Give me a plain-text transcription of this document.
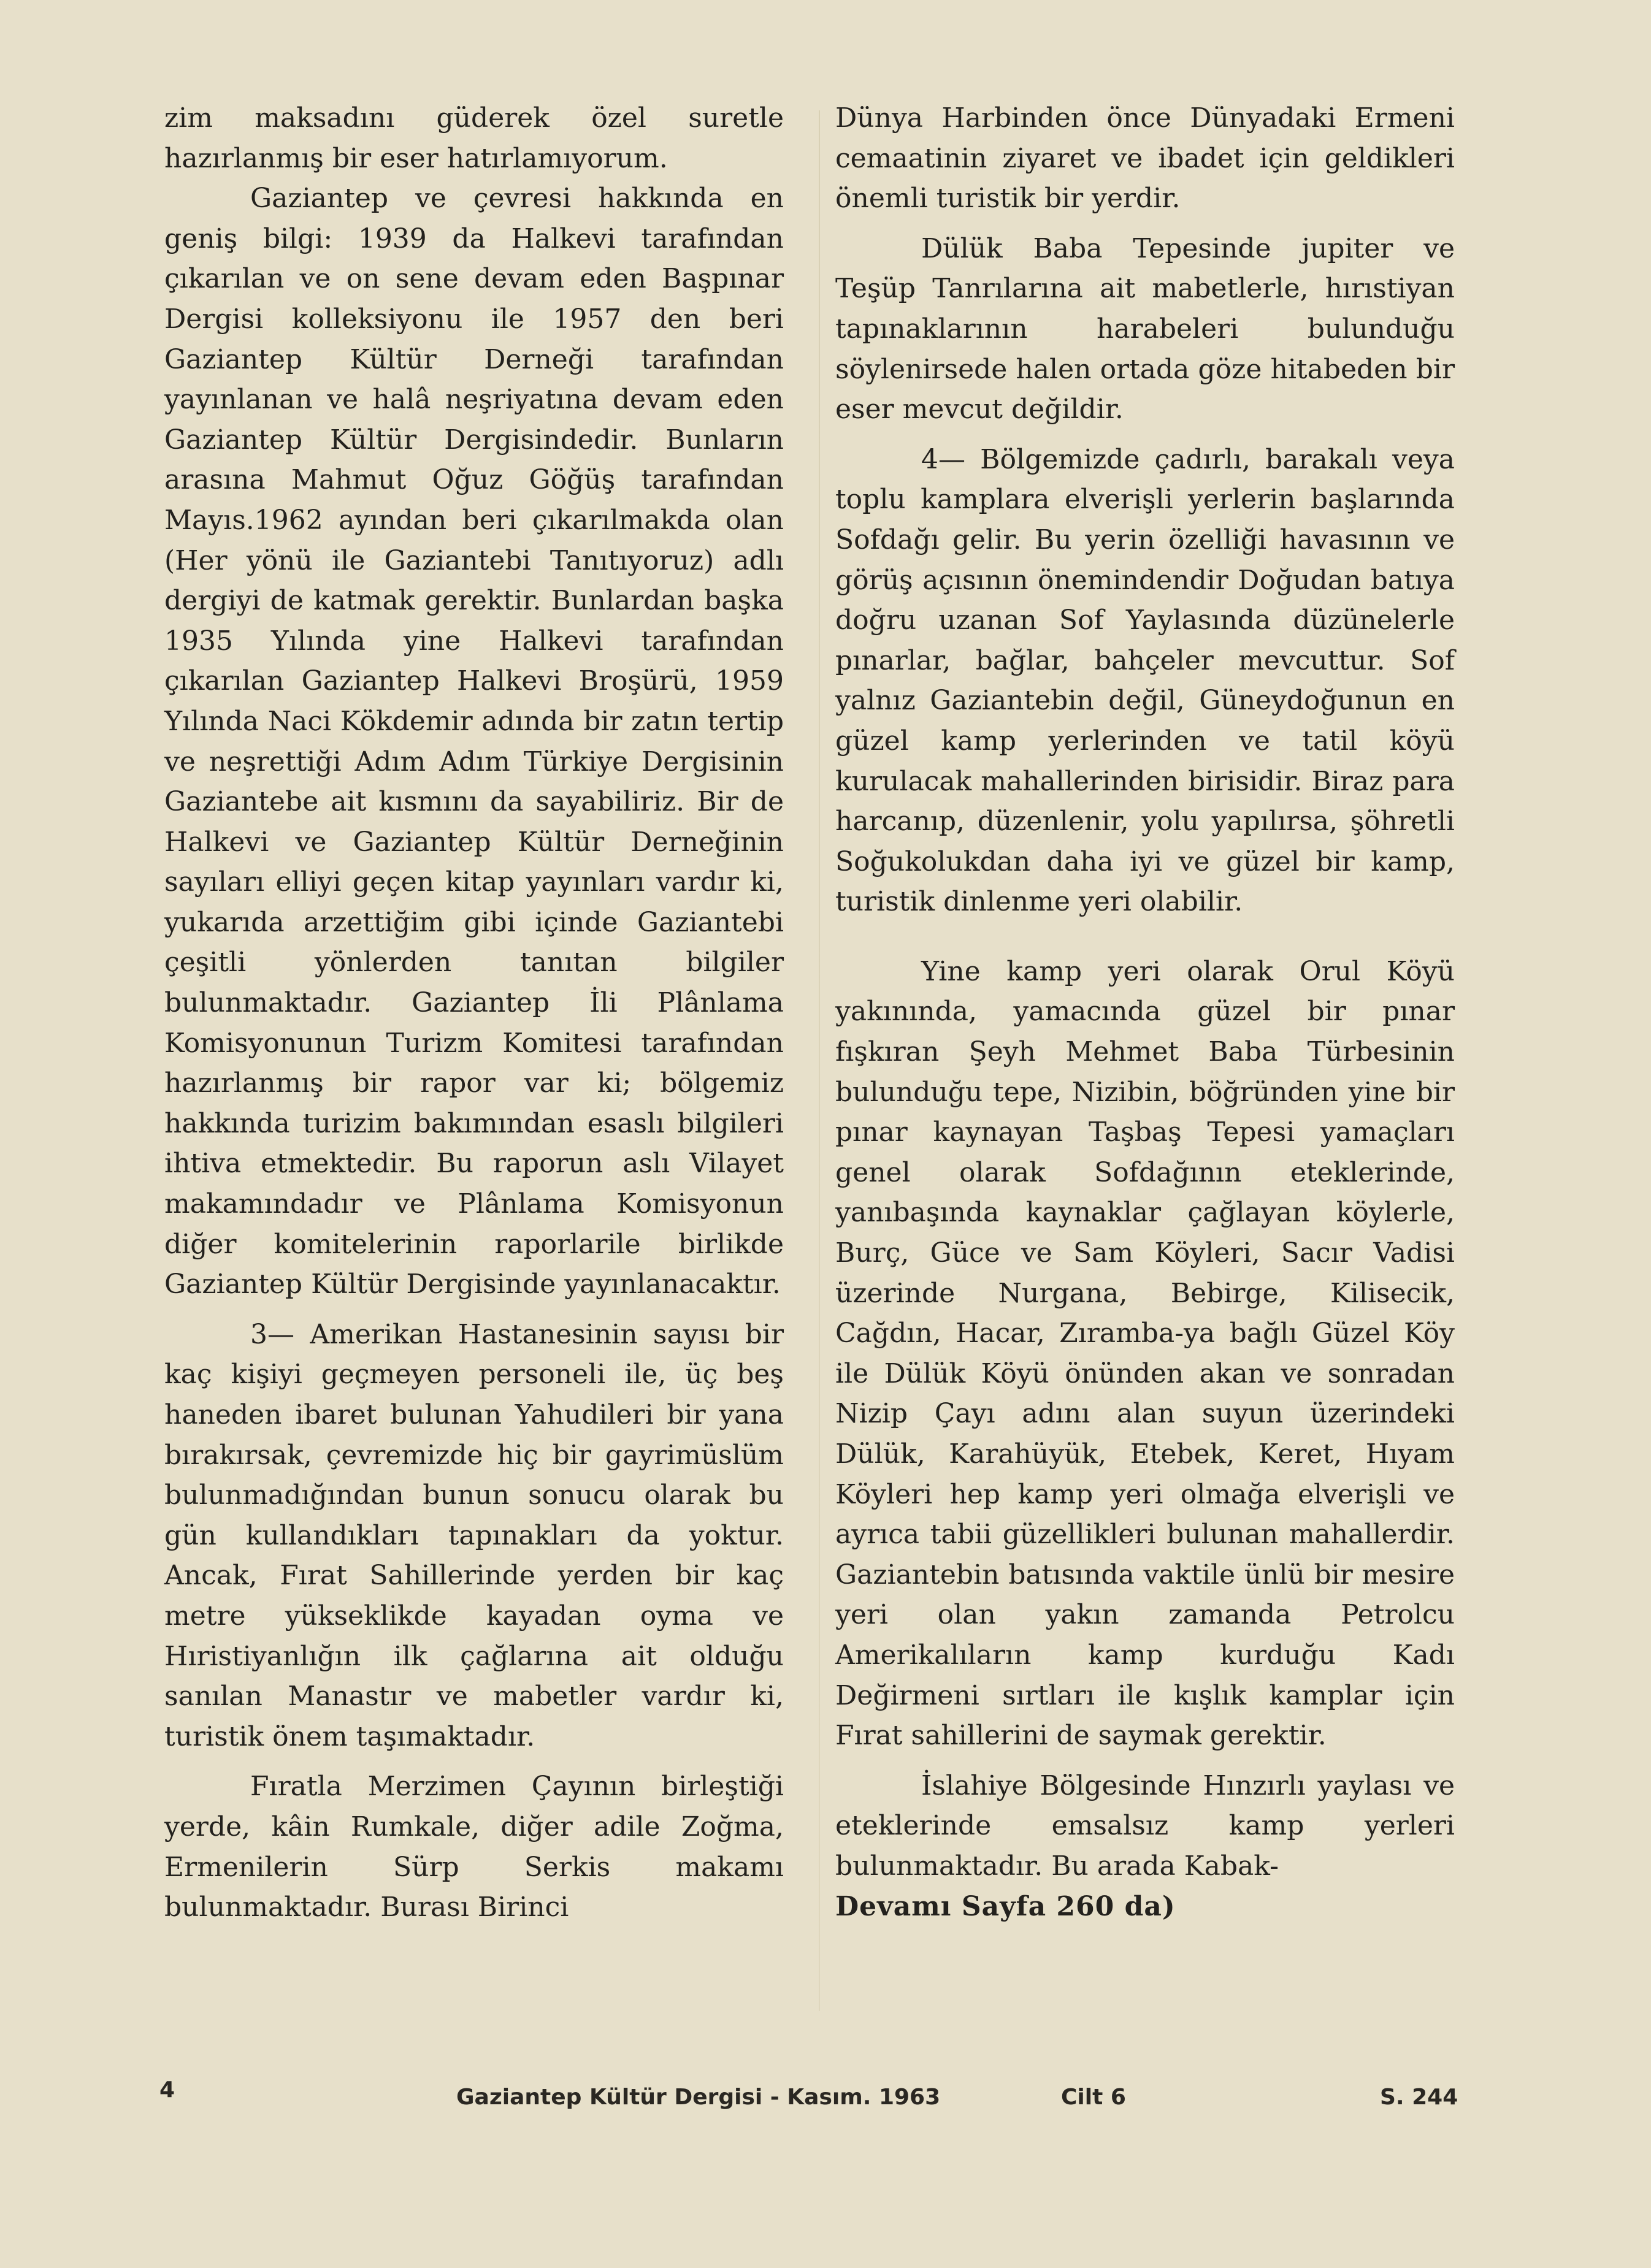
zim maksadını güderek özel suretle hazırlanmış bir eser hatırlamıyorum.

Gaziantep ve çevresi hakkında en geniş bilgi: 1939 da Halkevi tarafından çıkarılan ve on sene devam eden Başpınar Dergisi kolleksiyonu ile 1957 den beri Gaziantep Kültür Derneği tarafından yayınlanan ve halâ neşriyatına devam eden Gaziantep Kültür Dergisindedir. Bunların arasına Mahmut Oğuz Göğüş tarafından Mayıs.1962 ayından beri çıkarılmakda olan (Her yönü ile Gaziantebi Tanıtıyoruz) adlı dergiyi de katmak gerektir. Bunlardan başka 1935 Yılında yine Halkevi tarafından çıkarılan Gaziantep Halkevi Broşürü, 1959 Yılında Naci Kökdemir adında bir zatın tertip ve neşrettiği Adım Adım Türkiye Dergisinin Gaziantebe ait kısmını da sayabiliriz. Bir de Halkevi ve Gaziantep Kültür Derneğinin sayıları elliyi geçen kitap yayınları vardır ki, yukarıda arzettiğim gibi içinde Gaziantebi çeşitli yönlerden tanıtan bilgiler bulunmaktadır. Gaziantep İli Plânlama Komisyonunun Turizm Komitesi tarafından hazırlanmış bir rapor var ki; bölgemiz hakkında turizim bakımından esaslı bilgileri ihtiva etmektedir. Bu raporun aslı Vilayet makamındadır ve Plânlama Komisyonun diğer komitelerinin raporlarile birlikde Gaziantep Kültür Dergisinde yayınlanacaktır.

3— Amerikan Hastanesinin sayısı bir kaç kişiyi geçmeyen personeli ile, üç beş haneden ibaret bulunan Yahudileri bir yana bırakırsak, çevremizde hiç bir gayrimüslüm bulunmadığından bunun sonucu olarak bu gün kullandıkları tapınakları da yoktur. Ancak, Fırat Sahillerinde yerden bir kaç metre yükseklikde kayadan oyma ve Hıristiyanlığın ilk çağlarına ait olduğu sanılan Manastır ve mabetler vardır ki, turistik önem taşımaktadır.

Fıratla Merzimen Çayının birleştiği yerde, kâin Rumkale, diğer adile Zoğma, Ermenilerin Sürp Serkis makamı bulunmaktadır. Burası Birinci

Dünya Harbinden önce Dünyadaki Ermeni cemaatinin ziyaret ve ibadet için geldikleri önemli turistik bir yerdir.

Dülük Baba Tepesinde jupiter ve Teşüp Tanrılarına ait mabetlerle, hırıstiyan tapınaklarının harabeleri bulunduğu söylenirsede halen ortada göze hitabeden bir eser mevcut değildir.

4— Bölgemizde çadırlı, barakalı veya toplu kamplara elverişli yerlerin başlarında Sofdağı gelir. Bu yerin özelliği havasının ve görüş açısının önemindendir Doğudan batıya doğru uzanan Sof Yaylasında düzünelerle pınarlar, bağlar, bahçeler mevcuttur. Sof yalnız Gaziantebin değil, Güneydoğunun en güzel kamp yerlerinden ve tatil köyü kurulacak mahallerinden birisidir. Biraz para harcanıp, düzenlenir, yolu yapılırsa, şöhretli Soğukolukdan daha iyi ve güzel bir kamp, turistik dinlenme yeri olabilir.

Yine kamp yeri olarak Orul Köyü yakınında, yamacında güzel bir pınar fışkıran Şeyh Mehmet Baba Türbesinin bulunduğu tepe, Nizibin, böğründen yine bir pınar kaynayan Taşbaş Tepesi yamaçları genel olarak Sofdağının eteklerinde, yanıbaşında kaynaklar çağlayan köylerle, Burç, Güce ve Sam Köyleri, Sacır Vadisi üzerinde Nurgana, Bebirge, Kilisecik, Cağdın, Hacar, Zıramba-ya bağlı Güzel Köy ile Dülük Köyü önünden akan ve sonradan Nizip Çayı adını alan suyun üzerindeki Dülük, Karahüyük, Etebek, Keret, Hıyam Köyleri hep kamp yeri olmağa elverişli ve ayrıca tabii güzellikleri bulunan mahallerdir. Gaziantebin batısında vaktile ünlü bir mesire yeri olan yakın zamanda Petrolcu Amerikalıların kamp kurduğu Kadı Değirmeni sırtları ile kışlık kamplar için Fırat sahillerini de saymak gerektir.

İslahiye Bölgesinde Hınzırlı yaylası ve eteklerinde emsalsız kamp yerleri bulunmaktadır. Bu arada Kabak-

Devamı Sayfa 260 da)

4	Gaziantep Kültür Dergisi - Kasım. 1963	Cilt 6	S. 244
